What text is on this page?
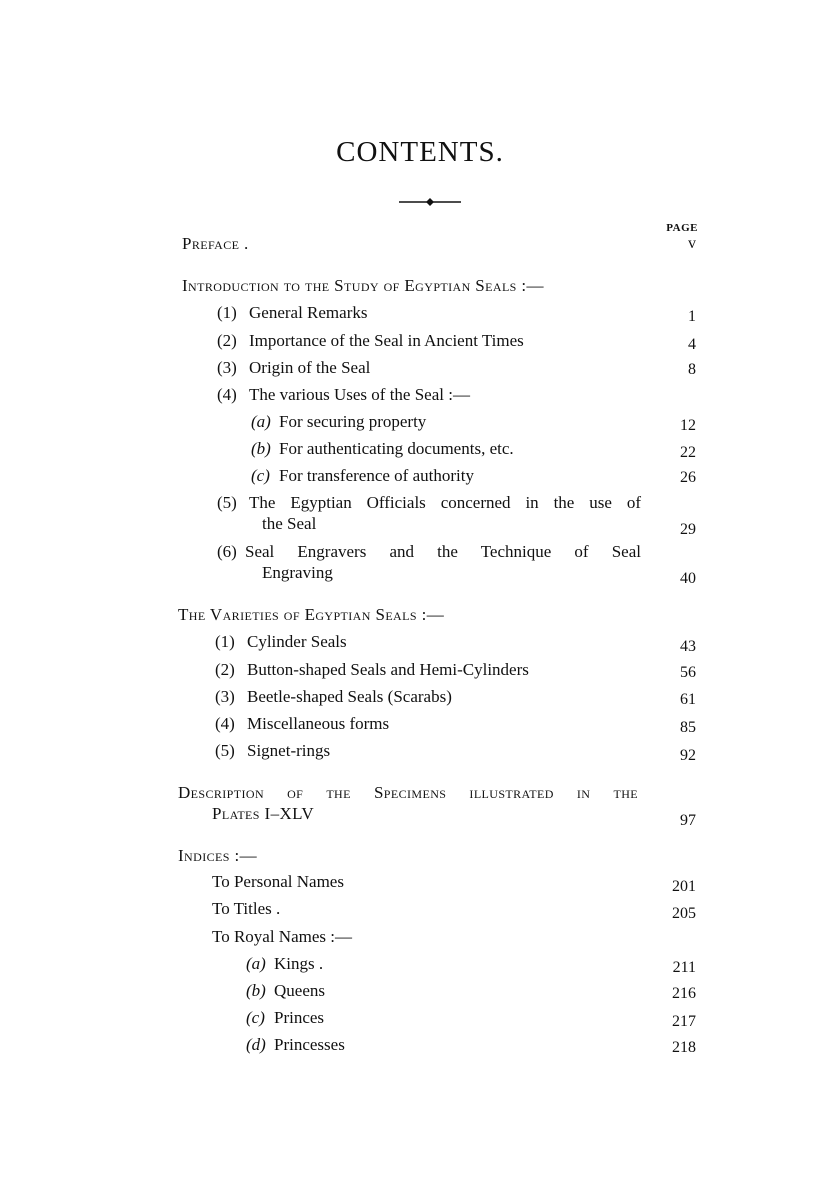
CONTENTS.
PAGE
Preface .	v
Introduction to the Study of Egyptian Seals :—
(1) General Remarks	1
(2) Importance of the Seal in Ancient Times	4
(3) Origin of the Seal	8
(4) The various Uses of the Seal :—
(a) For securing property	12
(b) For authenticating documents, etc.	22
(c) For transference of authority	26
(5) The Egyptian Officials concerned in the use of
the Seal	29
(6) Seal Engravers and the Technique of Seal
Engraving	40
The Varieties of Egyptian Seals :—
(1) Cylinder Seals	43
(2) Button-shaped Seals and Hemi-Cylinders	56
(3) Beetle-shaped Seals (Scarabs)	61
(4) Miscellaneous forms	85
(5) Signet-rings	92
Description of the Specimens illustrated in the
Plates I–XLV	97
Indices :—
To Personal Names	201
To Titles .	205
To Royal Names :—
(a) Kings .	211
(b) Queens	216
(c) Princes	217
(d) Princesses	218
